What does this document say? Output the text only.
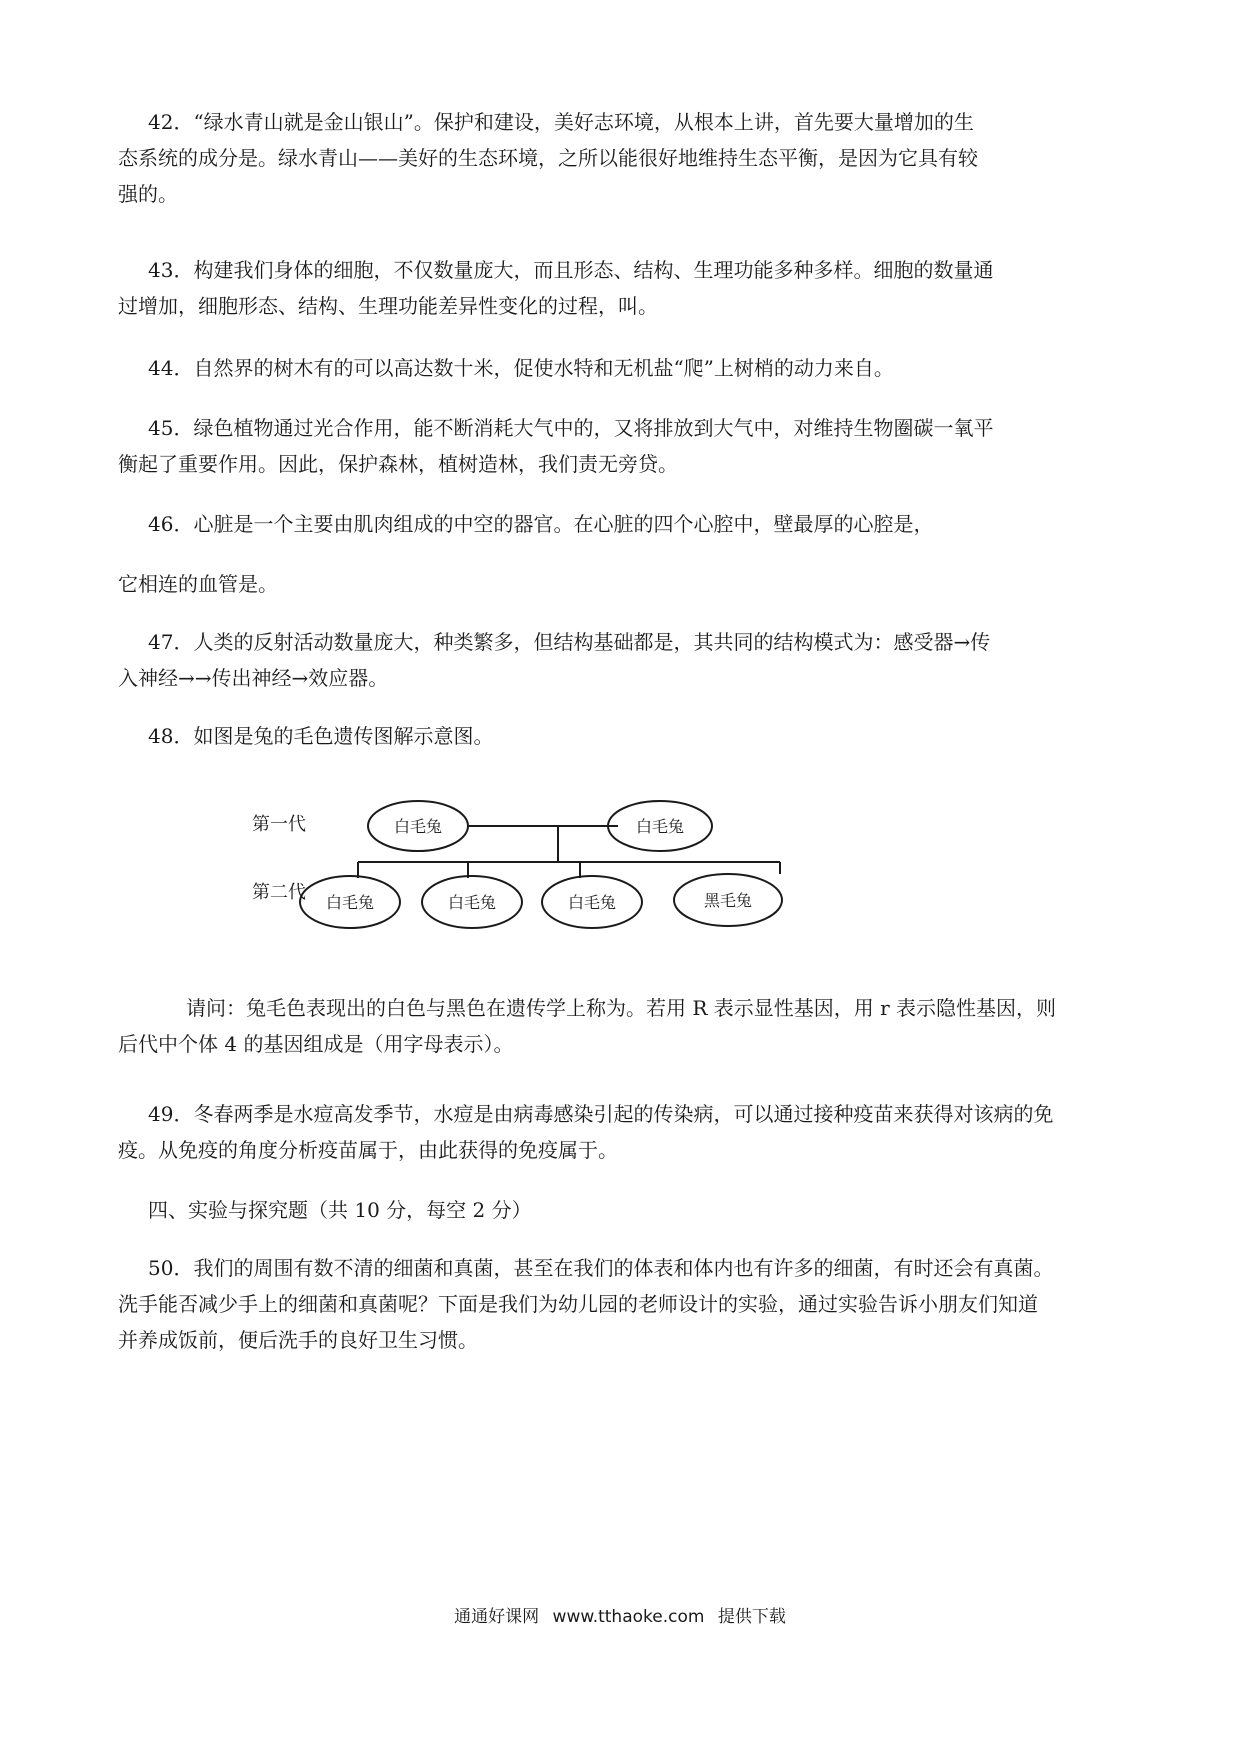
42．“绿水青山就是金山银山”。保护和建设，美好志环境，从根本上讲，首先要大量增加的生
态系统的成分是。绿水青山——美好的生态环境，之所以能很好地维持生态平衡，是因为它具有较
强的。
43．构建我们身体的细胞，不仅数量庞大，而且形态、结构、生理功能多种多样。细胞的数量通
过增加，细胞形态、结构、生理功能差异性变化的过程，叫。
44．自然界的树木有的可以高达数十米，促使水特和无机盐“爬”上树梢的动力来自。
45．绿色植物通过光合作用，能不断消耗大气中的，又将排放到大气中，对维持生物圈碳一氧平
衡起了重要作用。因此，保护森林，植树造林，我们责无旁贷。
46．心脏是一个主要由肌肉组成的中空的器官。在心脏的四个心腔中，壁最厚的心腔是，
它相连的血管是。
47．人类的反射活动数量庞大，种类繁多，但结构基础都是，其共同的结构模式为：感受器→传
入神经→→传出神经→效应器。
48．如图是兔的毛色遗传图解示意图。
第一代
第二代
白毛兔	白毛兔
白毛兔	白毛兔	白毛兔	黑毛兔
请问：兔毛色表现出的白色与黑色在遗传学上称为。若用 R 表示显性基因，用 r 表示隐性基因，则
后代中个体 4 的基因组成是（用字母表示）。
49．冬春两季是水痘高发季节，水痘是由病毒感染引起的传染病，可以通过接种疫苗来获得对该病的免
疫。从免疫的角度分析疫苗属于，由此获得的免疫属于。
四、实验与探究题（共 10 分，每空 2 分）
50．我们的周围有数不清的细菌和真菌，甚至在我们的体表和体内也有许多的细菌，有时还会有真菌。
洗手能否减少手上的细菌和真菌呢？下面是我们为幼儿园的老师设计的实验，通过实验告诉小朋友们知道
并养成饭前，便后洗手的良好卫生习惯。
通通好课网 www.tthaoke.com 提供下载
